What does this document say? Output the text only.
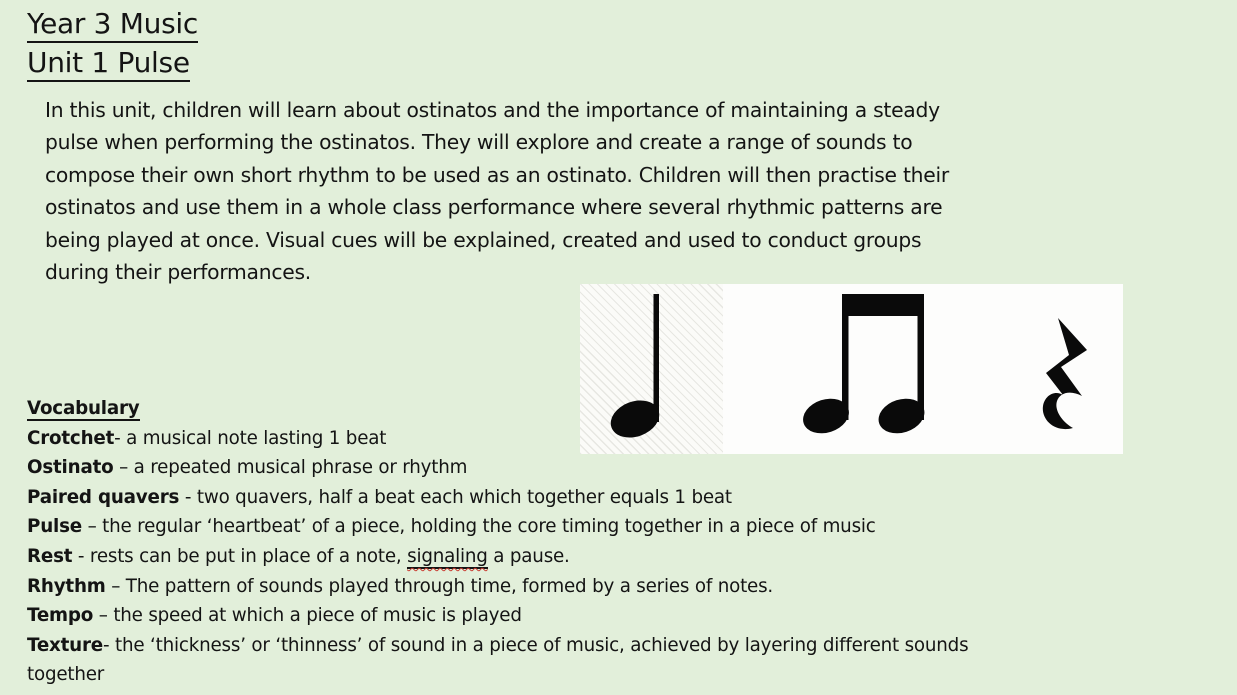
Year 3 Music
Unit 1 Pulse
In this unit, children will learn about ostinatos and the importance of maintaining a steady pulse when performing the ostinatos. They will explore and create a range of sounds to compose their own short rhythm to be used as an ostinato. Children will then practise their ostinatos and use them in a whole class performance where several rhythmic patterns are being played at once. Visual cues will be explained, created and used to conduct groups during their performances.
Vocabulary
Crotchet- a musical note lasting 1 beat
Ostinato – a repeated musical phrase or rhythm
Paired quavers - two quavers, half a beat each which together equals 1 beat
Pulse – the regular ‘heartbeat’ of a piece, holding the core timing together in a piece of music
Rest - rests can be put in place of a note, signaling a pause.
Rhythm – The pattern of sounds played through time, formed by a series of notes.
Tempo – the speed at which a piece of music is played
Texture- the ‘thickness’ or ‘thinness’ of sound in a piece of music, achieved by layering different sounds together
